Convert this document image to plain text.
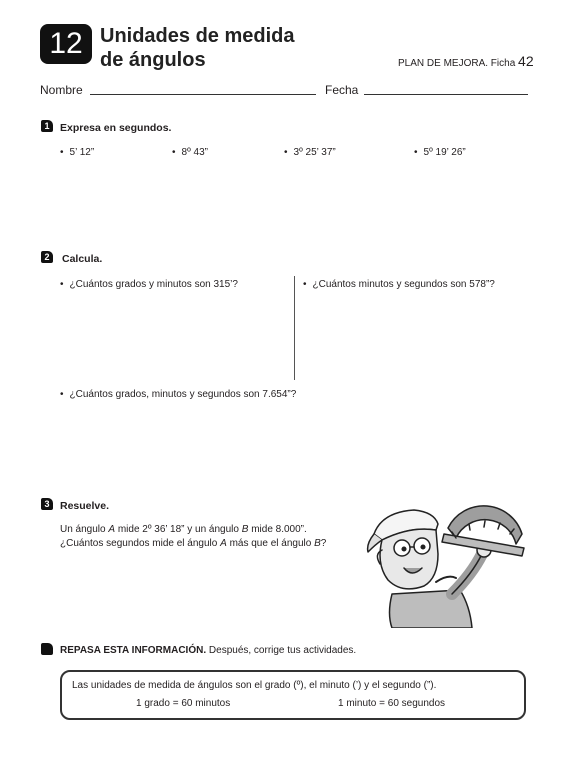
12 Unidades de medida
de ángulos	PLAN DE MEJORA. Ficha 42
Nombre	Fecha
1	Expresa en segundos.
• 5’ 12”	• 8º 43”	• 3º 25’ 37”	• 5º 19’ 26”
2	Calcula.
• ¿Cuántos grados y minutos son 315’?	• ¿Cuántos minutos y segundos son 578”?
• ¿Cuántos grados, minutos y segundos son 7.654”?
3	Resuelve.
Un ángulo A mide 2º 36’ 18” y un ángulo B mide 8.000”.
¿Cuántos segundos mide el ángulo A más que el ángulo B?
REPASA ESTA INFORMACIÓN. Después, corrige tus actividades.
Las unidades de medida de ángulos son el grado (º), el minuto (’) y el segundo (”).
1 grado = 60 minutos	1 minuto = 60 segundos
